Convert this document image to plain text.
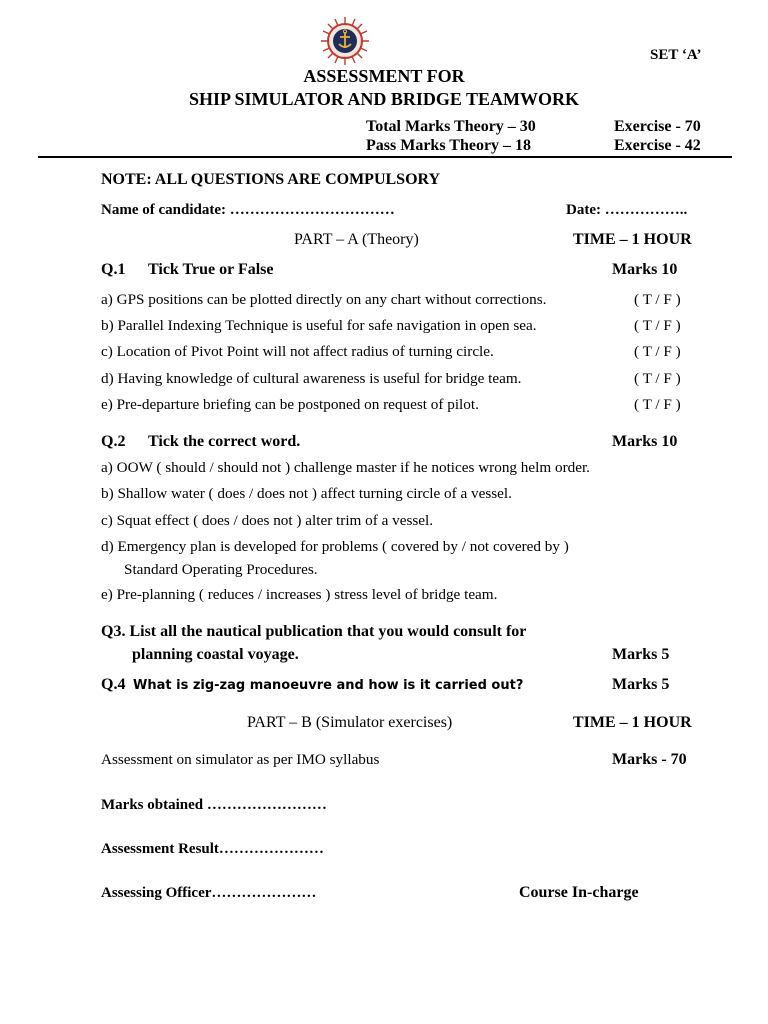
SET ‘A’
ASSESSMENT FOR
SHIP SIMULATOR AND BRIDGE TEAMWORK
Total Marks Theory – 30	Exercise - 70
Pass Marks Theory – 18	Exercise - 42
NOTE: ALL QUESTIONS ARE COMPULSORY
Name of candidate: ……………………………	Date: ……………..
PART – A (Theory)	TIME – 1 HOUR
Q.1 Tick True or False	Marks 10
a) GPS positions can be plotted directly on any chart without corrections.	( T / F )
b) Parallel Indexing Technique is useful for safe navigation in open sea.	( T / F )
c) Location of Pivot Point will not affect radius of turning circle.	( T / F )
d) Having knowledge of cultural awareness is useful for bridge team.	( T / F )
e) Pre-departure briefing can be postponed on request of pilot.	( T / F )
Q.2 Tick the correct word.	Marks 10
a) OOW ( should / should not ) challenge master if he notices wrong helm order.
b) Shallow water ( does / does not ) affect turning circle of a vessel.
c) Squat effect ( does / does not ) alter trim of a vessel.
d) Emergency plan is developed for problems ( covered by / not covered by )
Standard Operating Procedures.
e) Pre-planning ( reduces / increases ) stress level of bridge team.
Q3. List all the nautical publication that you would consult for
planning coastal voyage.	Marks 5
Q.4 What is zig-zag manoeuvre and how is it carried out?	Marks 5
PART – B (Simulator exercises)	TIME – 1 HOUR
Assessment on simulator as per IMO syllabus	Marks - 70
Marks obtained ……………………
Assessment Result…………………
Assessing Officer…………………	Course In-charge
